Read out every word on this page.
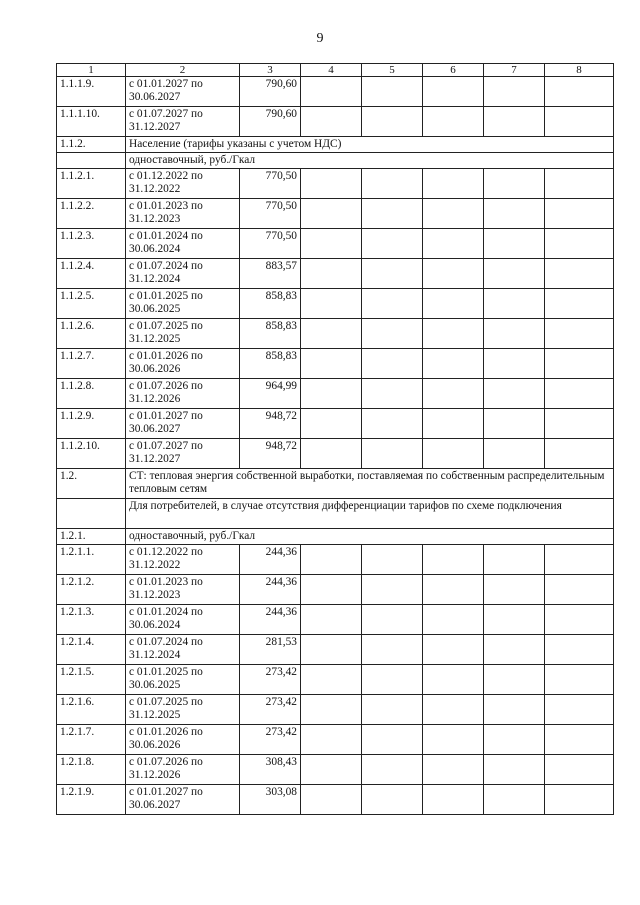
9
1	2	3	4	5	6	7	8
1.1.1.9.	с 01.01.2027 по 30.06.2027	790,60					
1.1.1.10.	с 01.07.2027 по 31.12.2027	790,60					
1.1.2.	Население (тарифы указаны с учетом НДС)						
	одноставочный, руб./Гкал						
1.1.2.1.	с 01.12.2022 по 31.12.2022	770,50					
1.1.2.2.	с 01.01.2023 по 31.12.2023	770,50					
1.1.2.3.	с 01.01.2024 по 30.06.2024	770,50					
1.1.2.4.	с 01.07.2024 по 31.12.2024	883,57					
1.1.2.5.	с 01.01.2025 по 30.06.2025	858,83					
1.1.2.6.	с 01.07.2025 по 31.12.2025	858,83					
1.1.2.7.	с 01.01.2026 по 30.06.2026	858,83					
1.1.2.8.	с 01.07.2026 по 31.12.2026	964,99					
1.1.2.9.	с 01.01.2027 по 30.06.2027	948,72					
1.1.2.10.	с 01.07.2027 по 31.12.2027	948,72					
1.2.	СТ: тепловая энергия собственной выработки, поставляемая по собственным распределительным тепловым сетям						
	Для потребителей, в случае отсутствия дифференциации тарифов по схеме подключения						
1.2.1.	одноставочный, руб./Гкал						
1.2.1.1.	с 01.12.2022 по 31.12.2022	244,36					
1.2.1.2.	с 01.01.2023 по 31.12.2023	244,36					
1.2.1.3.	с 01.01.2024 по 30.06.2024	244,36					
1.2.1.4.	с 01.07.2024 по 31.12.2024	281,53					
1.2.1.5.	с 01.01.2025 по 30.06.2025	273,42					
1.2.1.6.	с 01.07.2025 по 31.12.2025	273,42					
1.2.1.7.	с 01.01.2026 по 30.06.2026	273,42					
1.2.1.8.	с 01.07.2026 по 31.12.2026	308,43					
1.2.1.9.	с 01.01.2027 по 30.06.2027	303,08					
